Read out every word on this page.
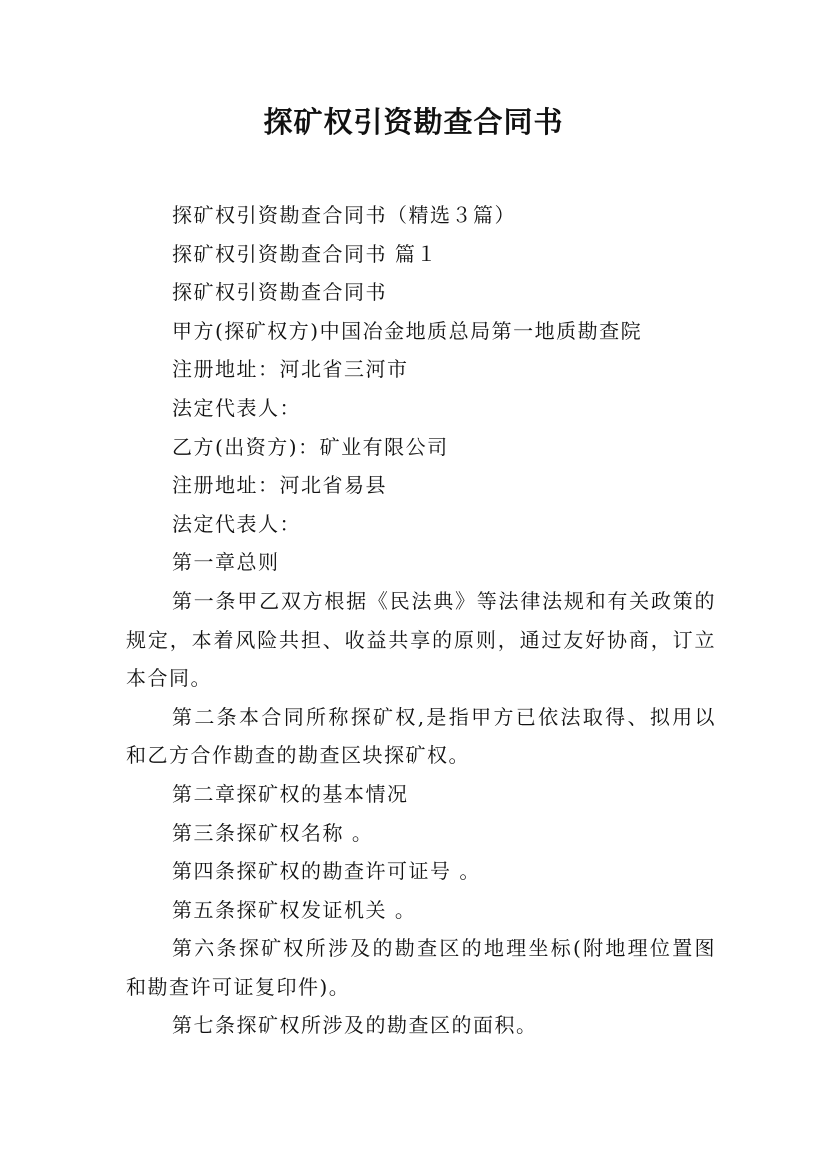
探矿权引资勘查合同书
探矿权引资勘查合同书（精选３篇）
探矿权引资勘查合同书 篇１
探矿权引资勘查合同书
甲方(探矿权方)中国冶金地质总局第一地质勘查院
注册地址：河北省三河市
法定代表人：
乙方(出资方)：矿业有限公司
注册地址：河北省易县
法定代表人：
第一章总则

第一条甲乙双方根据《民法典》等法律法规和有关政策的规定，本着风险共担、收益共享的原则，通过友好协商，订立本合同。

第二条本合同所称探矿权,是指甲方已依法取得、拟用以和乙方合作勘查的勘查区块探矿权。

第二章探矿权的基本情况
第三条探矿权名称 。
第四条探矿权的勘查许可证号 。
第五条探矿权发证机关 。

第六条探矿权所涉及的勘查区的地理坐标(附地理位置图和勘查许可证复印件)。

第七条探矿权所涉及的勘查区的面积。
